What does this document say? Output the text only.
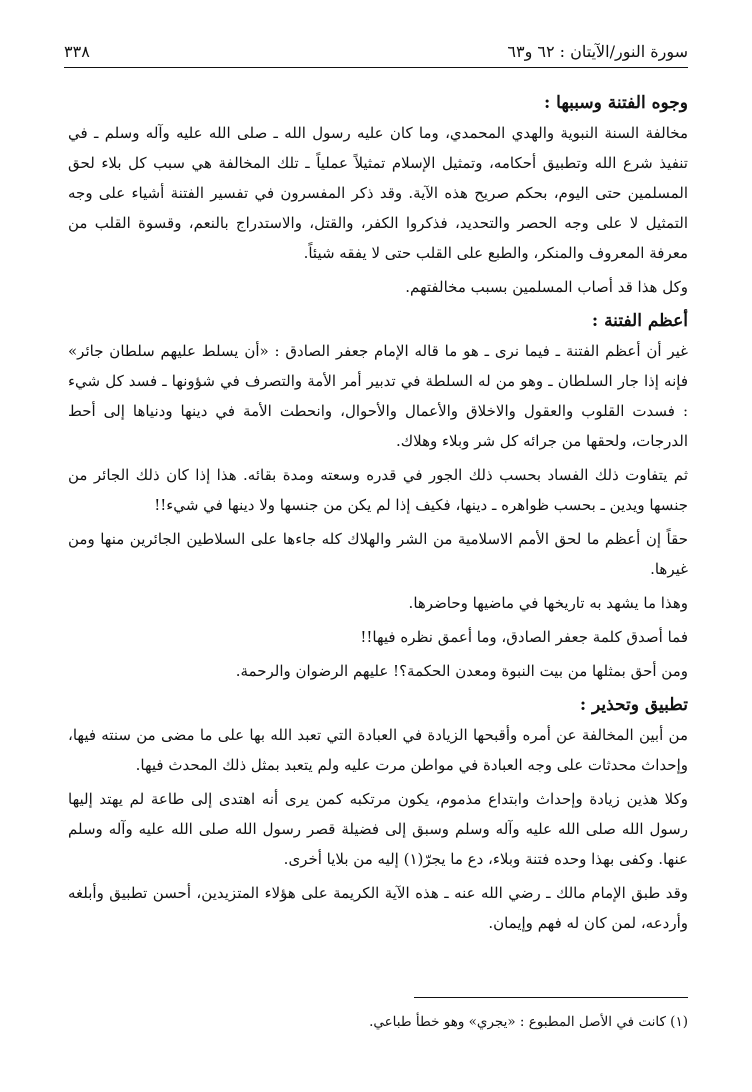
٣٣٨	سورة النور/الآيتان : ٦٢ و٦٣
وجوه الفتنة وسببها :

مخالفة السنة النبوية والهدي المحمدي، وما كان عليه رسول الله ـ صلى الله عليه وآله وسلم ـ في تنفيذ شرع الله وتطبيق أحكامه، وتمثيل الإسلام تمثيلاً عملياً ـ تلك المخالفة هي سبب كل بلاء لحق المسلمين حتى اليوم، بحكم صريح هذه الآية. وقد ذكر المفسرون في تفسير الفتنة أشياء على وجه التمثيل لا على وجه الحصر والتحديد، فذكروا الكفر، والقتل، والاستدراج بالنعم، وقسوة القلب من معرفة المعروف والمنكر، والطبع على القلب حتى لا يفقه شيئاً.

وكل هذا قد أصاب المسلمين بسبب مخالفتهم.

أعظم الفتنة :

غير أن أعظم الفتنة ـ فيما نرى ـ هو ما قاله الإمام جعفر الصادق : «أن يسلط عليهم سلطان جائر» فإنه إذا جار السلطان ـ وهو من له السلطة في تدبير أمر الأمة والتصرف في شؤونها ـ فسد كل شيء : فسدت القلوب والعقول والاخلاق والأعمال والأحوال، وانحطت الأمة في دينها ودنياها إلى أحط الدرجات، ولحقها من جرائه كل شر وبلاء وهلاك.

ثم يتفاوت ذلك الفساد بحسب ذلك الجور في قدره وسعته ومدة بقائه. هذا إذا كان ذلك الجائر من جنسها ويدين ـ بحسب ظواهره ـ دينها، فكيف إذا لم يكن من جنسها ولا دينها في شيء!!

حقاً إن أعظم ما لحق الأمم الاسلامية من الشر والهلاك كله جاءها على السلاطين الجائرين منها ومن غيرها.

وهذا ما يشهد به تاريخها في ماضيها وحاضرها.

فما أصدق كلمة جعفر الصادق، وما أعمق نظره فيها!!

ومن أحق بمثلها من بيت النبوة ومعدن الحكمة؟! عليهم الرضوان والرحمة.

تطبيق وتحذير :

من أبين المخالفة عن أمره وأقبحها الزيادة في العبادة التي تعبد الله بها على ما مضى من سنته فيها، وإحداث محدثات على وجه العبادة في مواطن مرت عليه ولم يتعبد بمثل ذلك المحدث فيها.

وكلا هذين زيادة وإحداث وابتداع مذموم، يكون مرتكبه كمن يرى أنه اهتدى إلى طاعة لم يهتد إليها رسول الله صلى الله عليه وآله وسلم وسبق إلى فضيلة قصر رسول الله صلى الله عليه وآله وسلم عنها. وكفى بهذا وحده فتنة وبلاء، دع ما يجرّ(١) إليه من بلايا أخرى.

وقد طبق الإمام مالك ـ رضي الله عنه ـ هذه الآية الكريمة على هؤلاء المتزيدين، أحسن تطبيق وأبلغه وأردعه، لمن كان له فهم وإيمان.

(١) كانت في الأصل المطبوع : «يجري» وهو خطأ طباعي.
